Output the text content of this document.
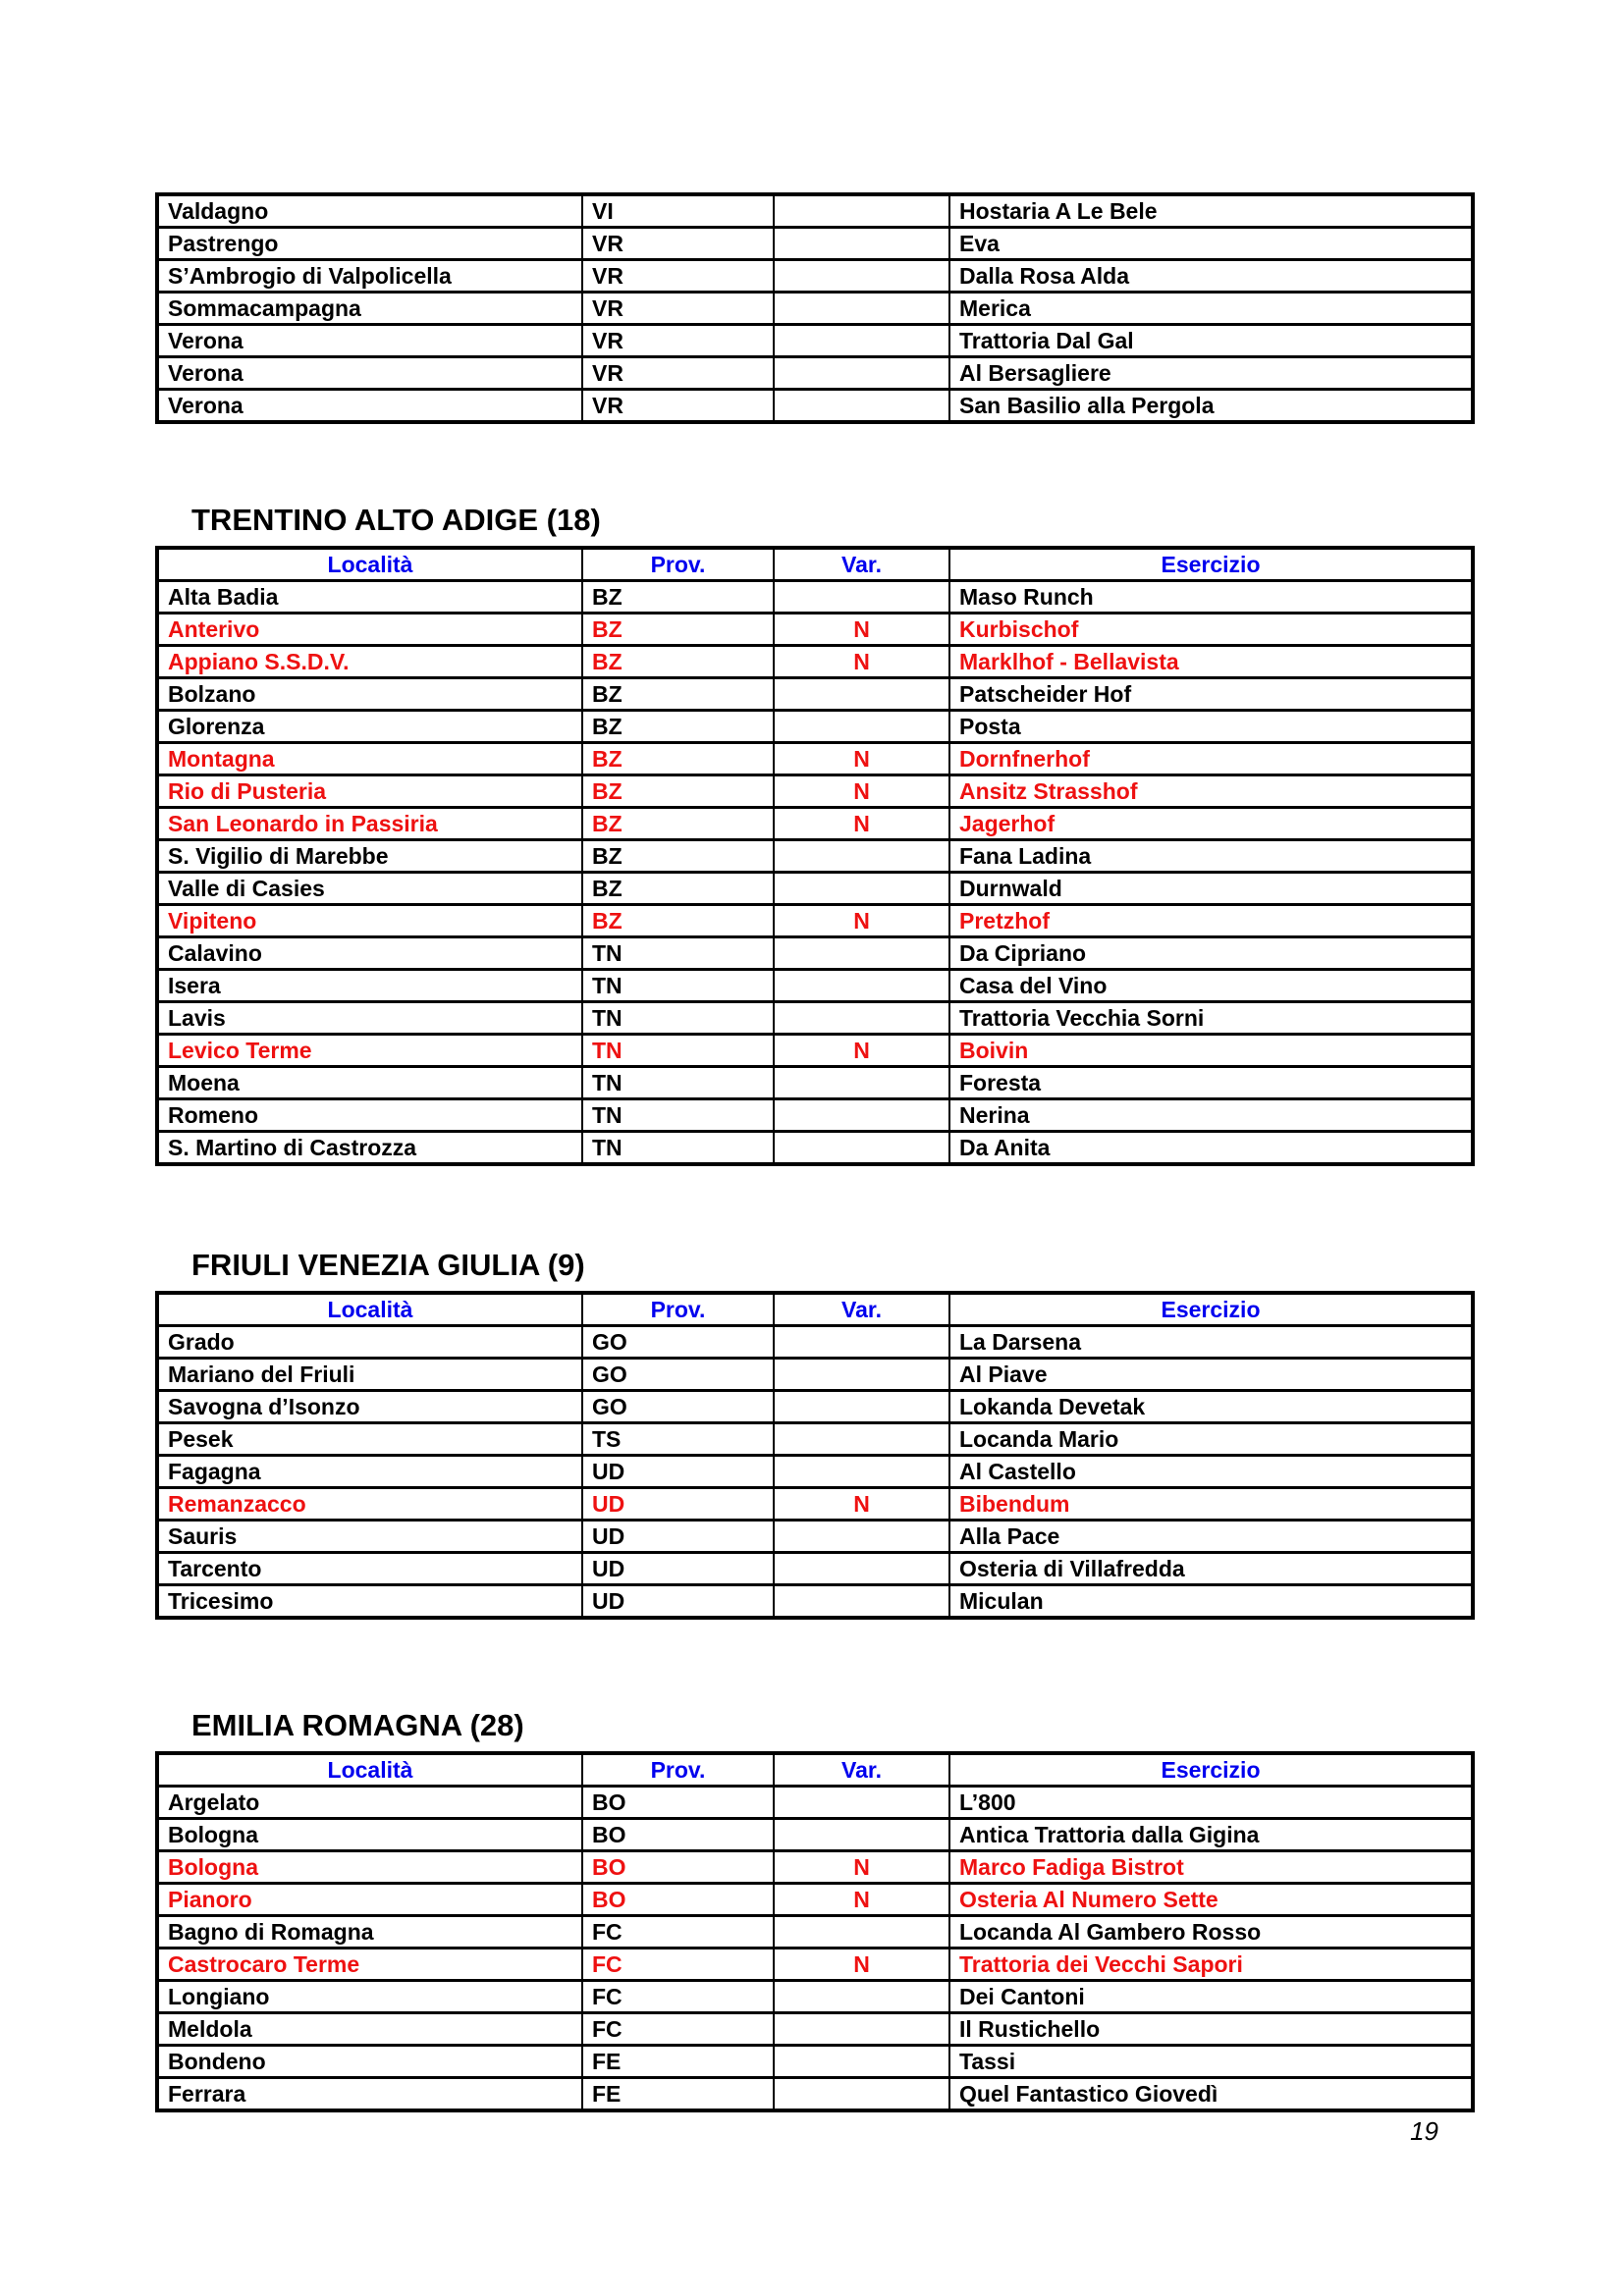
Valdagno	VI		Hostaria A Le Bele
Pastrengo	VR		Eva
S’Ambrogio di Valpolicella	VR		Dalla Rosa Alda
Sommacampagna	VR		Merica
Verona	VR		Trattoria Dal Gal
Verona	VR		Al Bersagliere
Verona	VR		San Basilio alla Pergola
TRENTINO ALTO ADIGE (18)
Località	Prov.	Var.	Esercizio
Alta Badia	BZ		Maso Runch
Anterivo	BZ	N	Kurbischof
Appiano S.S.D.V.	BZ	N	Marklhof - Bellavista
Bolzano	BZ		Patscheider Hof
Glorenza	BZ		Posta
Montagna	BZ	N	Dornfnerhof
Rio di Pusteria	BZ	N	Ansitz Strasshof
San Leonardo in Passiria	BZ	N	Jagerhof
S. Vigilio di Marebbe	BZ		Fana Ladina
Valle di Casies	BZ		Durnwald
Vipiteno	BZ	N	Pretzhof
Calavino	TN		Da Cipriano
Isera	TN		Casa del Vino
Lavis	TN		Trattoria Vecchia Sorni
Levico Terme	TN	N	Boivin
Moena	TN		Foresta
Romeno	TN		Nerina
S. Martino di Castrozza	TN		Da Anita
FRIULI VENEZIA GIULIA (9)
Località	Prov.	Var.	Esercizio
Grado	GO		La Darsena
Mariano del Friuli	GO		Al Piave
Savogna d’Isonzo	GO		Lokanda Devetak
Pesek	TS		Locanda Mario
Fagagna	UD		Al Castello
Remanzacco	UD	N	Bibendum
Sauris	UD		Alla Pace
Tarcento	UD		Osteria di Villafredda
Tricesimo	UD		Miculan
EMILIA ROMAGNA (28)
Località	Prov.	Var.	Esercizio
Argelato	BO		L’800
Bologna	BO		Antica Trattoria dalla Gigina
Bologna	BO	N	Marco Fadiga Bistrot
Pianoro	BO	N	Osteria Al Numero Sette
Bagno di Romagna	FC		Locanda Al Gambero Rosso
Castrocaro Terme	FC	N	Trattoria dei Vecchi Sapori
Longiano	FC		Dei Cantoni
Meldola	FC		Il Rustichello
Bondeno	FE		Tassi
Ferrara	FE		Quel Fantastico Giovedì
19
